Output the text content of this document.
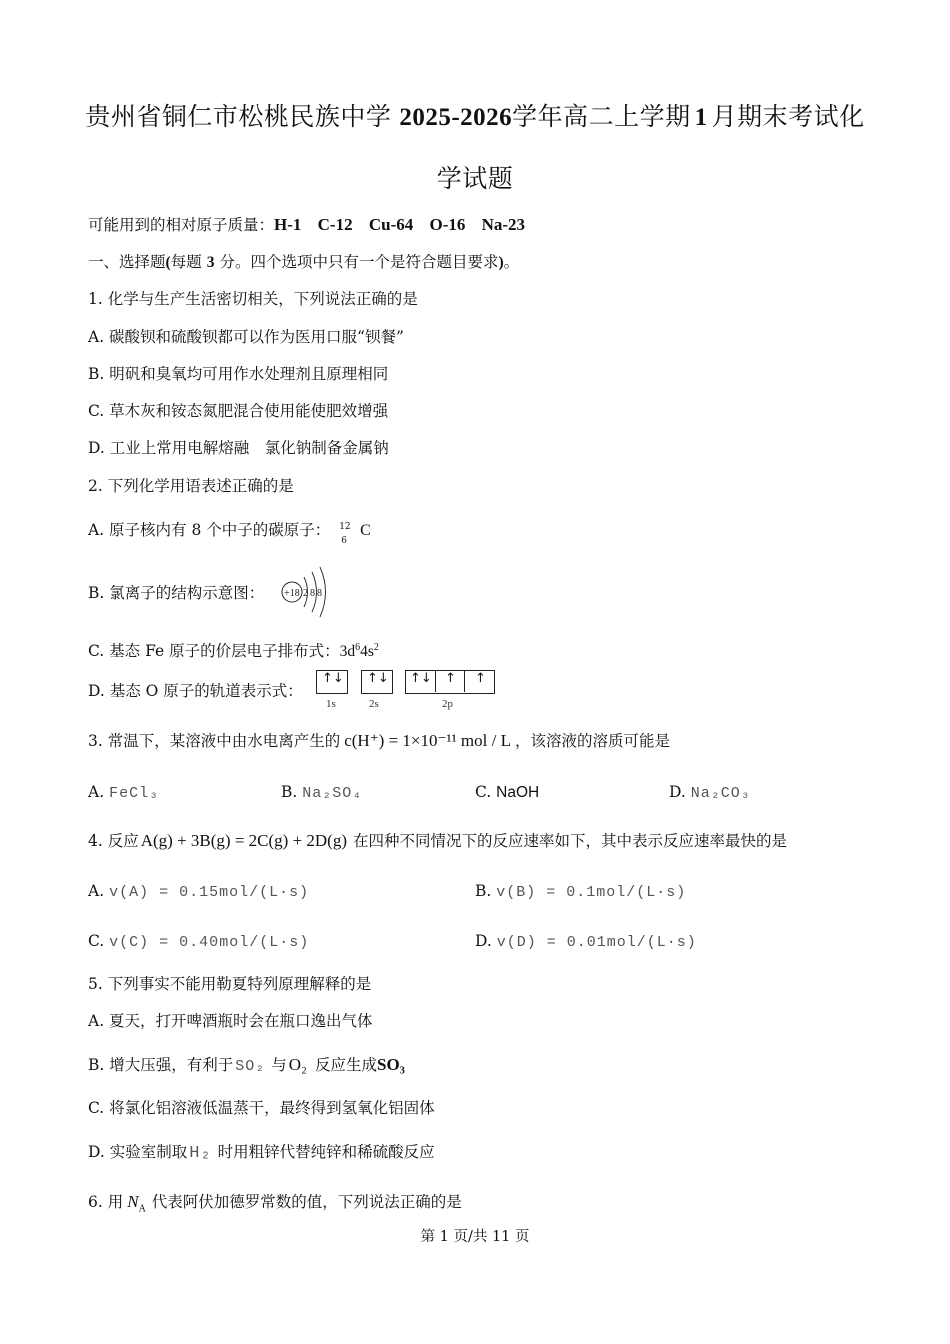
贵州省铜仁市松桃民族中学 2025-2026学年高二上学期 1 月期末考试化
学试题
可能用到的相对原子质量：H-1 C-12 Cu-64 O-16 Na-23
一、选择题(每题 3 分。四个选项中只有一个是符合题目要求)。
1. 化学与生产生活密切相关，下列说法正确的是
A. 碳酸钡和硫酸钡都可以作为医用口服“钡餐”
B. 明矾和臭氧均可用作水处理剂且原理相同
C. 草木灰和铵态氮肥混合使用能使肥效增强
D. 工业上常用电解熔融　氯化钠制备金属钠
2. 下列化学用语表述正确的是
A. 原子核内有 8 个中子的碳原子： 12
6
C
B. 氯离子的结构示意图： +18 288
C. 基态 Fe 原子的价层电子排布式：$3d^64s^2$
D. 基态 O 原子的轨道表示式：
↑↓ ↑↓ ↑↓ ↑ ↑
1s	2s	2p
3. 常温下，某溶液中由水电离产生的 c(H⁺) = 1×10⁻¹¹ mol / L ，该溶液的溶质可能是
A. FeCl₃	B. Na₂SO₄	C. NaOH	D. Na₂CO₃
4. 反应 A(g) + 3B(g) = 2C(g) + 2D(g) 在四种不同情况下的反应速率如下，其中表示反应速率最快的是
A. v(A) = 0.15mol/(L·s)	B. v(B) = 0.1mol/(L·s)
C. v(C) = 0.40mol/(L·s)	D. v(D) = 0.01mol/(L·s)
5. 下列事实不能用勒夏特列原理解释的是
A. 夏天，打开啤酒瓶时会在瓶口逸出气体
B. 增大压强，有利于 SO₂ 与 O₂ 反应生成SO₃
C. 将氯化铝溶液低温蒸干，最终得到氢氧化铝固体
D. 实验室制取 H₂ 时用粗锌代替纯锌和稀硫酸反应
6. 用 $N_A$ 代表阿伏加德罗常数的值，下列说法正确的是
第 1 页/共 11 页
